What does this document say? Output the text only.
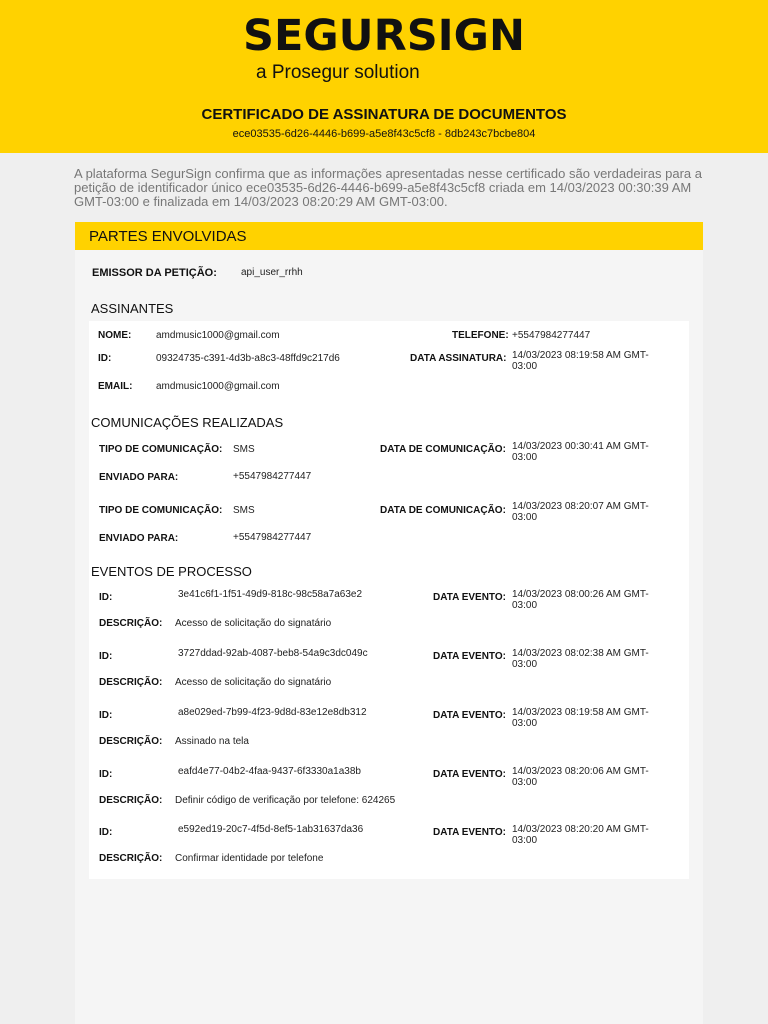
SEGURSIGN
a Prosegur solution
CERTIFICADO DE ASSINATURA DE DOCUMENTOS
ece03535-6d26-4446-b699-a5e8f43c5cf8 - 8db243c7bcbe804
A plataforma SegurSign confirma que as informações apresentadas nesse certificado são verdadeiras para a petição de identificador único ece03535-6d26-4446-b699-a5e8f43c5cf8 criada em 14/03/2023 00:30:39 AM GMT-03:00 e finalizada em 14/03/2023 08:20:29 AM GMT-03:00.
PARTES ENVOLVIDAS
EMISSOR DA PETIÇÃO: api_user_rrhh
ASSINANTES
NOME: amdmusic1000@gmail.com	TELEFONE: +5547984277447
ID:	09324735-c391-4d3b-a8c3-48ffd9c217d6	DATA ASSINATURA: 14/03/2023 08:19:58 AM GMT-03:00
EMAIL: amdmusic1000@gmail.com
COMUNICAÇÕES REALIZADAS
TIPO DE COMUNICAÇÃO: SMS	DATA DE COMUNICAÇÃO: 14/03/2023 00:30:41 AM GMT-03:00
ENVIADO PARA:	+5547984277447
TIPO DE COMUNICAÇÃO: SMS	DATA DE COMUNICAÇÃO: 14/03/2023 08:20:07 AM GMT-03:00
ENVIADO PARA:	+5547984277447
EVENTOS DE PROCESSO
ID:	3e41c6f1-1f51-49d9-818c-98c58a7a63e2	DATA EVENTO: 14/03/2023 08:00:26 AM GMT-03:00
DESCRIÇÃO: Acesso de solicitação do signatário
ID:	3727ddad-92ab-4087-beb8-54a9c3dc049c	DATA EVENTO: 14/03/2023 08:02:38 AM GMT-03:00
DESCRIÇÃO: Acesso de solicitação do signatário
ID:	a8e029ed-7b99-4f23-9d8d-83e12e8db312	DATA EVENTO: 14/03/2023 08:19:58 AM GMT-03:00
DESCRIÇÃO: Assinado na tela
ID:	eafd4e77-04b2-4faa-9437-6f3330a1a38b	DATA EVENTO: 14/03/2023 08:20:06 AM GMT-03:00
DESCRIÇÃO: Definir código de verificação por telefone: 624265
ID:	e592ed19-20c7-4f5d-8ef5-1ab31637da36	DATA EVENTO: 14/03/2023 08:20:20 AM GMT-03:00
DESCRIÇÃO: Confirmar identidade por telefone
